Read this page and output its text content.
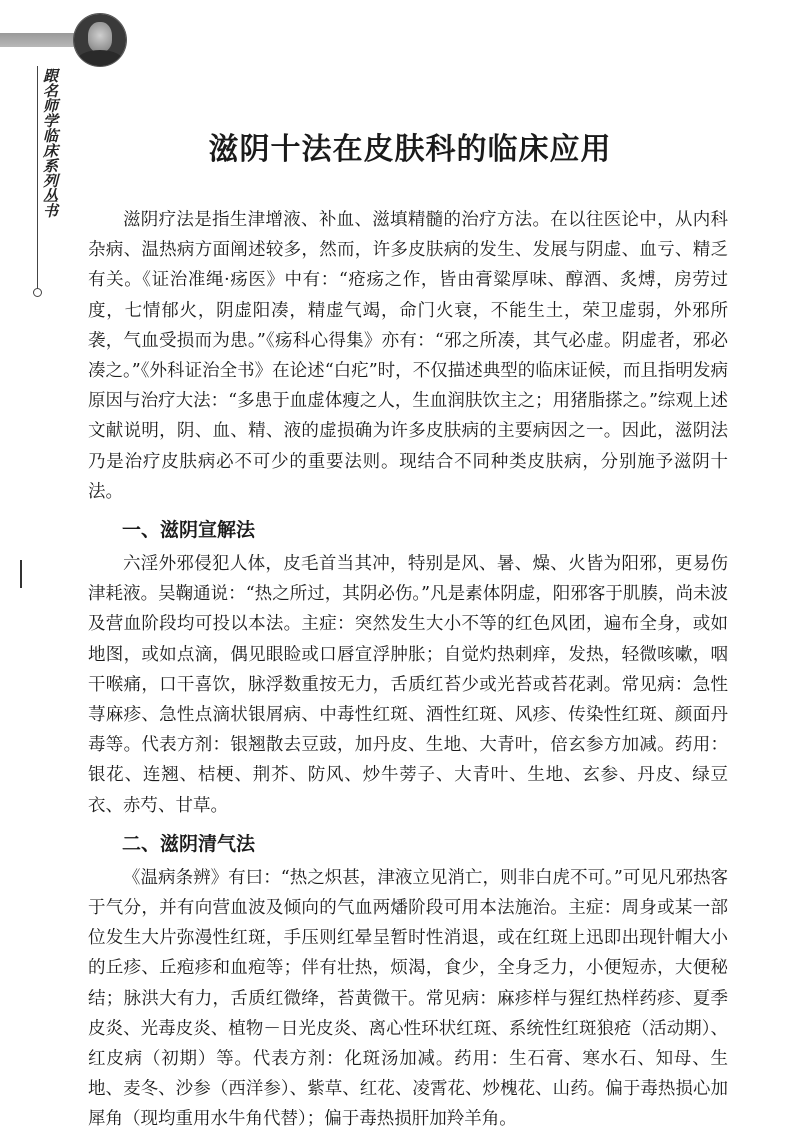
跟名师学临床系列丛书	滋阴十法在皮肤科的临床应用

滋阴疗法是指生津增液、补血、滋填精髓的治疗方法。在以往医论中，从内科杂病、温热病方面阐述较多，然而，许多皮肤病的发生、发展与阴虚、血亏、精乏有关。《证治准绳·疡医》中有：“疮疡之作，皆由膏粱厚味、醇酒、炙煿，房劳过度，七情郁火，阴虚阳凑，精虚气竭，命门火衰，不能生土，荣卫虚弱，外邪所袭，气血受损而为患。”《疡科心得集》亦有：“邪之所凑，其气必虚。阴虚者，邪必凑之。”《外科证治全书》在论述“白疕”时，不仅描述典型的临床证候，而且指明发病原因与治疗大法：“多患于血虚体瘦之人，生血润肤饮主之；用猪脂搽之。”综观上述文献说明，阴、血、精、液的虚损确为许多皮肤病的主要病因之一。因此，滋阴法乃是治疗皮肤病必不可少的重要法则。现结合不同种类皮肤病，分别施予滋阴十法。

一、滋阴宣解法

六淫外邪侵犯人体，皮毛首当其冲，特别是风、暑、燥、火皆为阳邪，更易伤津耗液。吴鞠通说：“热之所过，其阴必伤。”凡是素体阴虚，阳邪客于肌腠，尚未波及营血阶段均可投以本法。主症：突然发生大小不等的红色风团，遍布全身，或如地图，或如点滴，偶见眼睑或口唇宣浮肿胀；自觉灼热刺痒，发热，轻微咳嗽，咽干喉痛，口干喜饮，脉浮数重按无力，舌质红苔少或光苔或苔花剥。常见病：急性荨麻疹、急性点滴状银屑病、中毒性红斑、酒性红斑、风疹、传染性红斑、颜面丹毒等。代表方剂：银翘散去豆豉，加丹皮、生地、大青叶，倍玄参方加减。药用：银花、连翘、桔梗、荆芥、防风、炒牛蒡子、大青叶、生地、玄参、丹皮、绿豆衣、赤芍、甘草。

二、滋阴清气法

《温病条辨》有曰：“热之炽甚，津液立见消亡，则非白虎不可。”可见凡邪热客于气分，并有向营血波及倾向的气血两燔阶段可用本法施治。主症：周身或某一部位发生大片弥漫性红斑，手压则红晕呈暂时性消退，或在红斑上迅即出现针帽大小的丘疹、丘疱疹和血疱等；伴有壮热，烦渴，食少，全身乏力，小便短赤，大便秘结；脉洪大有力，舌质红微绛，苔黄微干。常见病：麻疹样与猩红热样药疹、夏季皮炎、光毒皮炎、植物－日光皮炎、离心性环状红斑、系统性红斑狼疮（活动期）、红皮病（初期）等。代表方剂：化斑汤加减。药用：生石膏、寒水石、知母、生地、麦冬、沙参（西洋参）、紫草、红花、凌霄花、炒槐花、山药。偏于毒热损心加犀角（现均重用水牛角代替）；偏于毒热损肝加羚羊角。
